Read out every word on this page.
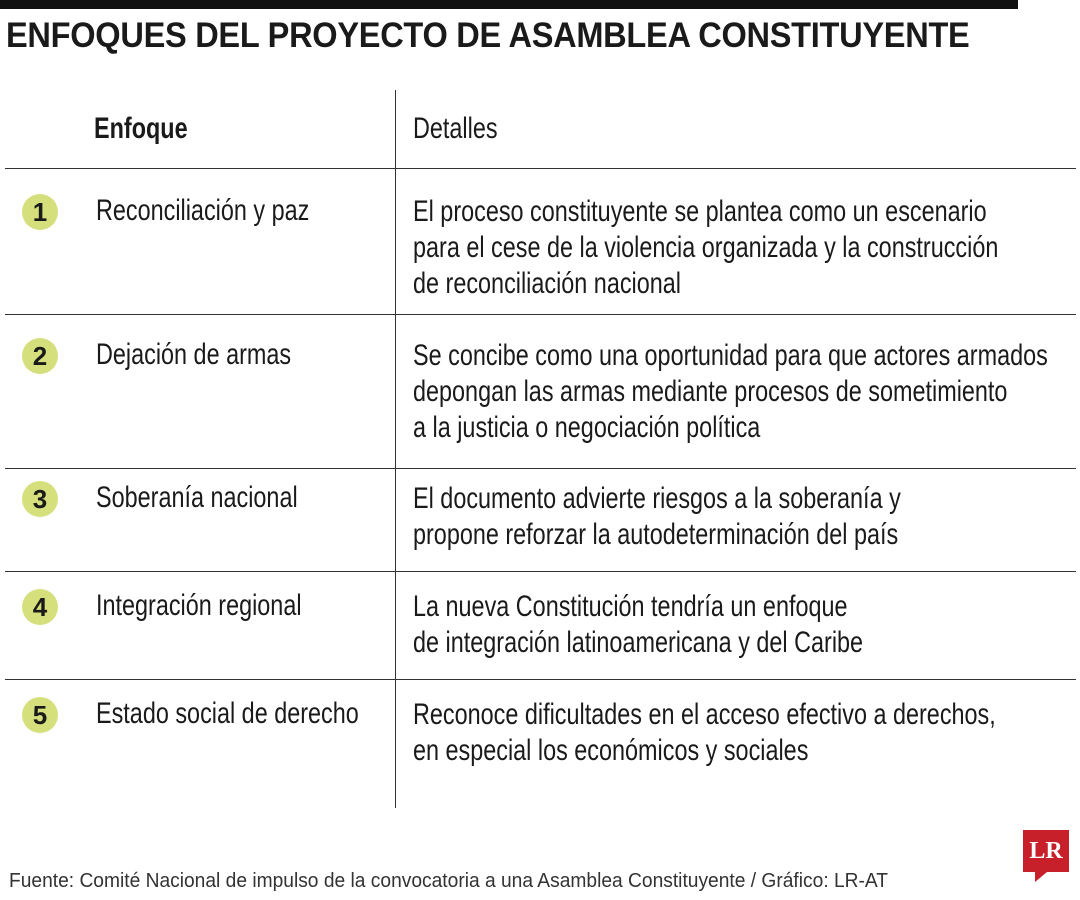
ENFOQUES DEL PROYECTO DE ASAMBLEA CONSTITUYENTE
Enfoque	Detalles
1	Reconciliación y paz	El proceso constituyente se plantea como un escenario
para el cese de la violencia organizada y la construcción
de reconciliación nacional
2	Dejación de armas	Se concibe como una oportunidad para que actores armados
depongan las armas mediante procesos de sometimiento
a la justicia o negociación política
3	Soberanía nacional	El documento advierte riesgos a la soberanía y
propone reforzar la autodeterminación del país
4	Integración regional	La nueva Constitución tendría un enfoque
de integración latinoamericana y del Caribe
5	Estado social de derecho	Reconoce dificultades en el acceso efectivo a derechos,
en especial los económicos y sociales
Fuente: Comité Nacional de impulso de la convocatoria a una Asamblea Constituyente / Gráfico: LR-AT
LR
